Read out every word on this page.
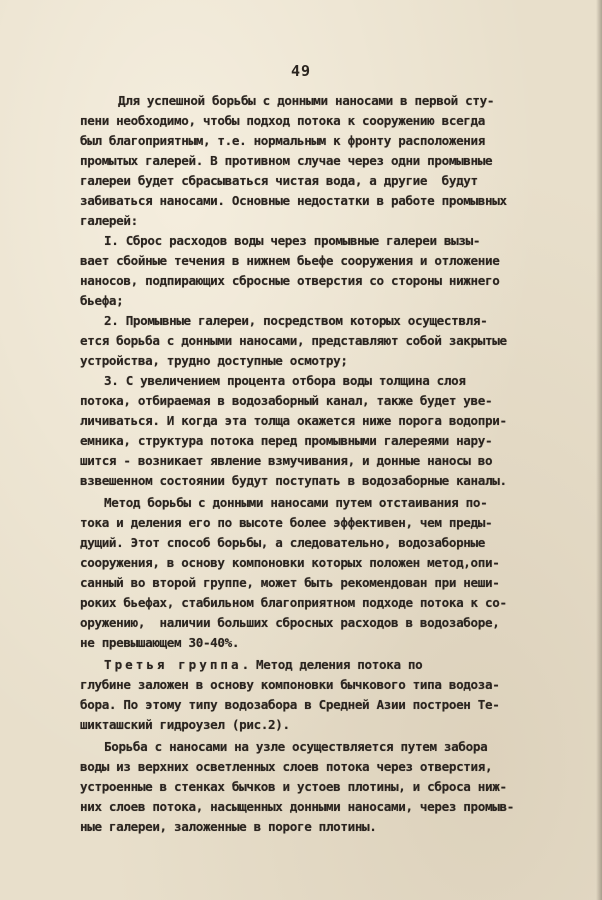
49
Для успешной борьбы с донными наносами в первой сту-
пени необходимо, чтобы подход потока к сооружению всегда
был благоприятным, т.е. нормальным к фронту расположения
промытых галерей. В противном случае через одни промывные
галереи будет сбрасываться чистая вода, а другие  будут
забиваться наносами. Основные недостатки в работе промывных
галерей:
I. Сброс расходов воды через промывные галереи вызы-
вает сбойные течения в нижнем бьефе сооружения и отложение
наносов, подпирающих сбросные отверстия со стороны нижнего
бьефа;
2. Промывные галереи, посредством которых осуществля-
ется борьба с донными наносами, представляют собой закрытые
устройства, трудно доступные осмотру;
3. С увеличением процента отбора воды толщина слоя
потока, отбираемая в водозаборный канал, также будет уве-
личиваться. И когда эта толща окажется ниже порога водопри-
емника, структура потока перед промывными галереями нару-
шится - возникает явление взмучивания, и донные наносы во
взвешенном состоянии будут поступать в водозаборные каналы.
Метод борьбы с донными наносами путем отстаивания по-
тока и деления его по высоте более эффективен, чем преды-
дущий. Этот способ борьбы, а следовательно, водозаборные
сооружения, в основу компоновки которых положен метод,опи-
санный во второй группе, может быть рекомендован при неши-
роких бьефах, стабильном благоприятном подходе потока к со-
оружению,  наличии больших сбросных расходов в водозаборе,
не превышающем 30-40%.
Третья группа. Метод деления потока по
глубине заложен в основу компоновки бычкового типа водоза-
бора. По этому типу водозабора в Средней Азии построен Те-
шикташский гидроузел (рис.2).
Борьба с наносами на узле осуществляется путем забора
воды из верхних осветленных слоев потока через отверстия,
устроенные в стенках бычков и устоев плотины, и сброса ниж-
них слоев потока, насыщенных донными наносами, через промыв-
ные галереи, заложенные в пороге плотины.
